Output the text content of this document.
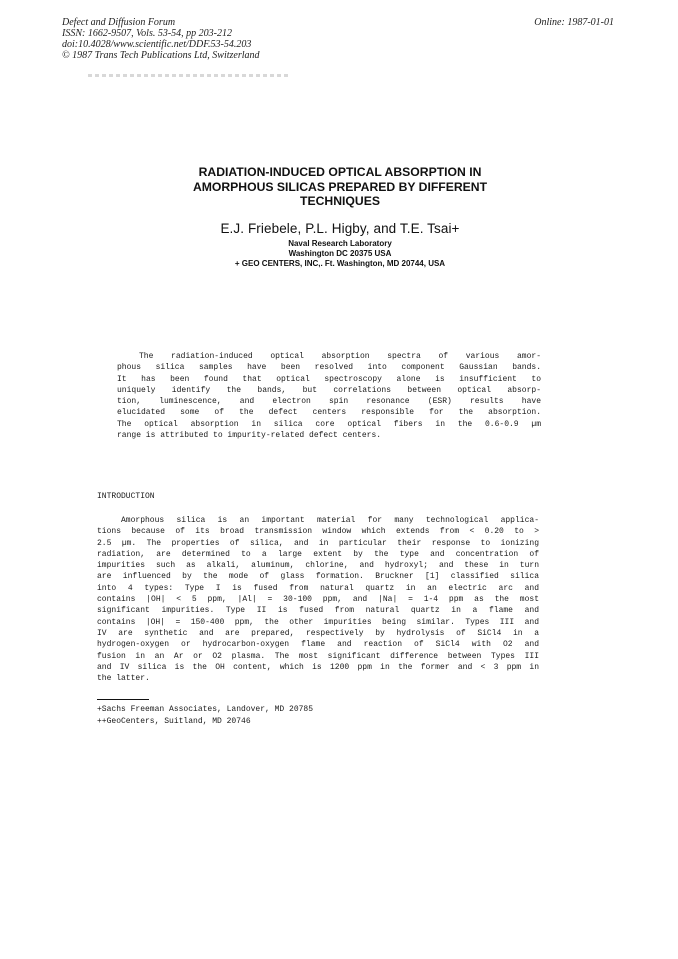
Defect and Diffusion Forum
ISSN: 1662-9507, Vols. 53-54, pp 203-212
doi:10.4028/www.scientific.net/DDF.53-54.203
© 1987 Trans Tech Publications Ltd, Switzerland
Online: 1987-01-01
RADIATION-INDUCED OPTICAL ABSORPTION IN
AMORPHOUS SILICAS PREPARED BY DIFFERENT
TECHNIQUES
E.J. Friebele, P.L. Higby, and T.E. Tsai+
Naval Research Laboratory
Washington DC 20375 USA
+ GEO CENTERS, INC,. Ft. Washington, MD 20744, USA
The radiation-induced optical absorption spectra of various amor-
phous silica samples have been resolved into component Gaussian bands.
It has been found that optical spectroscopy alone is insufficient to
uniquely identify the bands, but correlations between optical absorp-
tion, luminescence, and electron spin resonance (ESR) results have
elucidated some of the defect centers responsible for the absorption.
The optical absorption in silica core optical fibers in the 0.6-0.9 µm
range is attributed to impurity-related defect centers.
INTRODUCTION
Amorphous silica is an important material for many technological applica-
tions because of its broad transmission window which extends from < 0.20 to >
2.5 µm. The properties of silica, and in particular their response to ionizing
radiation, are determined to a large extent by the type and concentration of
impurities such as alkali, aluminum, chlorine, and hydroxyl; and these in turn
are influenced by the mode of glass formation. Bruckner [1] classified silica
into 4 types: Type I is fused from natural quartz in an electric arc and
contains |OH| < 5 ppm, |Al| = 30-100 ppm, and |Na| = 1-4 ppm as the most
significant impurities. Type II is fused from natural quartz in a flame and
contains |OH| = 150-400 ppm, the other impurities being similar. Types III and
IV are synthetic and are prepared, respectively by hydrolysis of SiCl4 in a
hydrogen-oxygen or hydrocarbon-oxygen flame and reaction of SiCl4 with O2 and
fusion in an Ar or O2 plasma. The most significant difference between Types III
and IV silica is the OH content, which is 1200 ppm in the former and < 3 ppm in
the latter.
+Sachs Freeman Associates, Landover, MD 20785
++GeoCenters, Suitland, MD 20746
